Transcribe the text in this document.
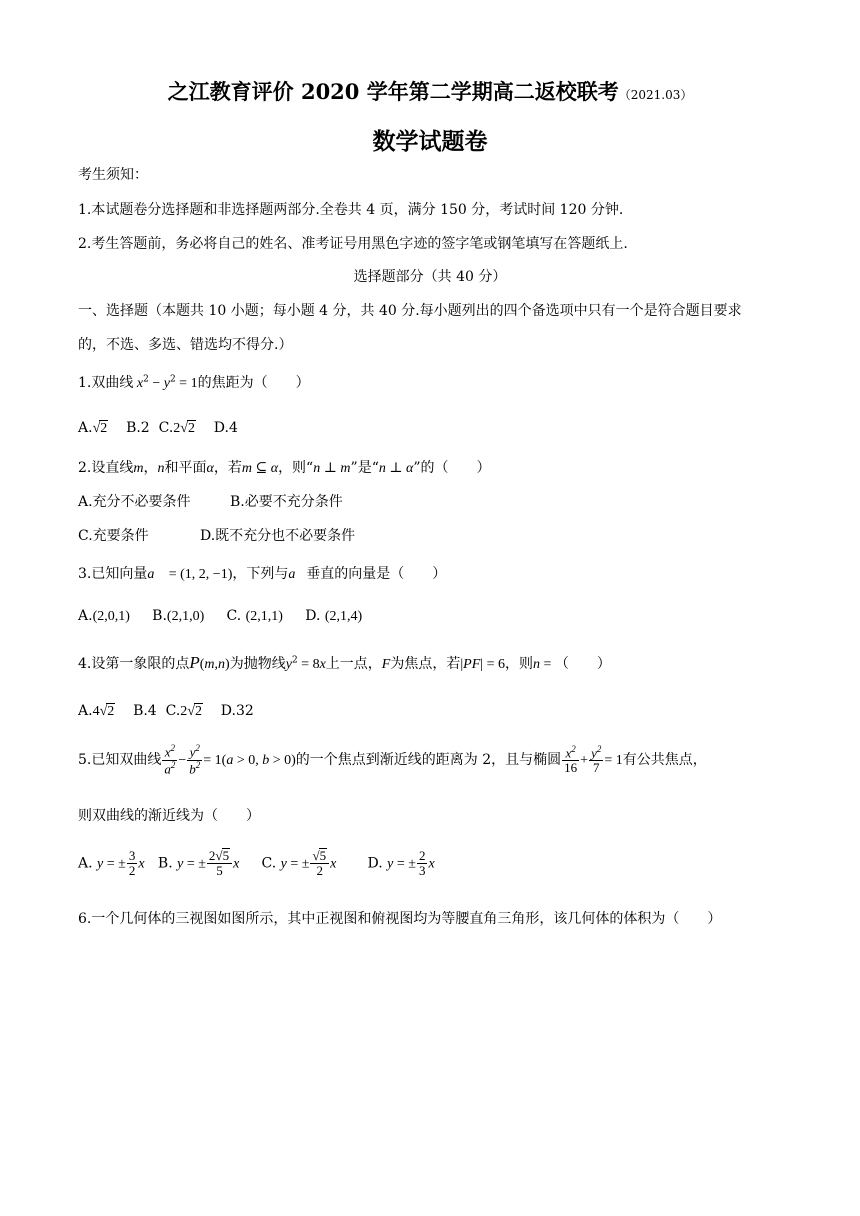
之江教育评价 2020 学年第二学期高二返校联考（2021.03）
数学试题卷
考生须知：
1.本试题卷分选择题和非选择题两部分.全卷共 4 页，满分 150 分，考试时间 120 分钟.
2.考生答题前，务必将自己的姓名、准考证号用黑色字迹的签字笔或钢笔填写在答题纸上.
选择题部分（共 40 分）
一、选择题（本题共 10 小题；每小题 4 分，共 40 分.每小题列出的四个备选项中只有一个是符合题目要求
的，不选、多选、错选均不得分.）
1.双曲线 $x^2 - y^2 = 1$的焦距为（　　）
A.√2 B.2 C.2√2 D.4
2.设直线m，n和平面α，若m ⊆ α，则“n ⊥ m”是“n ⊥ α”的（　　）
A.充分不必要条件	B.必要不充分条件
C.充要条件	D.既不充分也不必要条件
3.已知向量a⃗ = (1, 2, −1)，下列与a⃗垂直的向量是（　　）
A.(2,0,1) B.(2,1,0) C. (2,1,1) D. (2,1,4)
4.设第一象限的点P(m,n)为抛物线$y^2 = 8x$上一点，F为焦点，若|PF| = 6，则n = （　　）
A.4√2 B.4 C.2√2 D.32
5.已知双曲线 $\frac{x^2}{a^2} - \frac{y^2}{b^2} = 1(a > 0$, b > 0)的一个焦点到渐近线的距离为 2，且与椭圆 $\frac{x^2}{16} + \frac{y^2}{7} = 1$有公共焦点，
则双曲线的渐近线为（　　）
A. y = ± $\frac{3}{2}$ x B. y = ± $\frac{2√5}{5}$ x C. y = ± $\frac{√5}{2}$ x D. y = ± $\frac{2}{3}$ x
6.一个几何体的三视图如图所示，其中正视图和俯视图均为等腰直角三角形，该几何体的体积为（　　）
